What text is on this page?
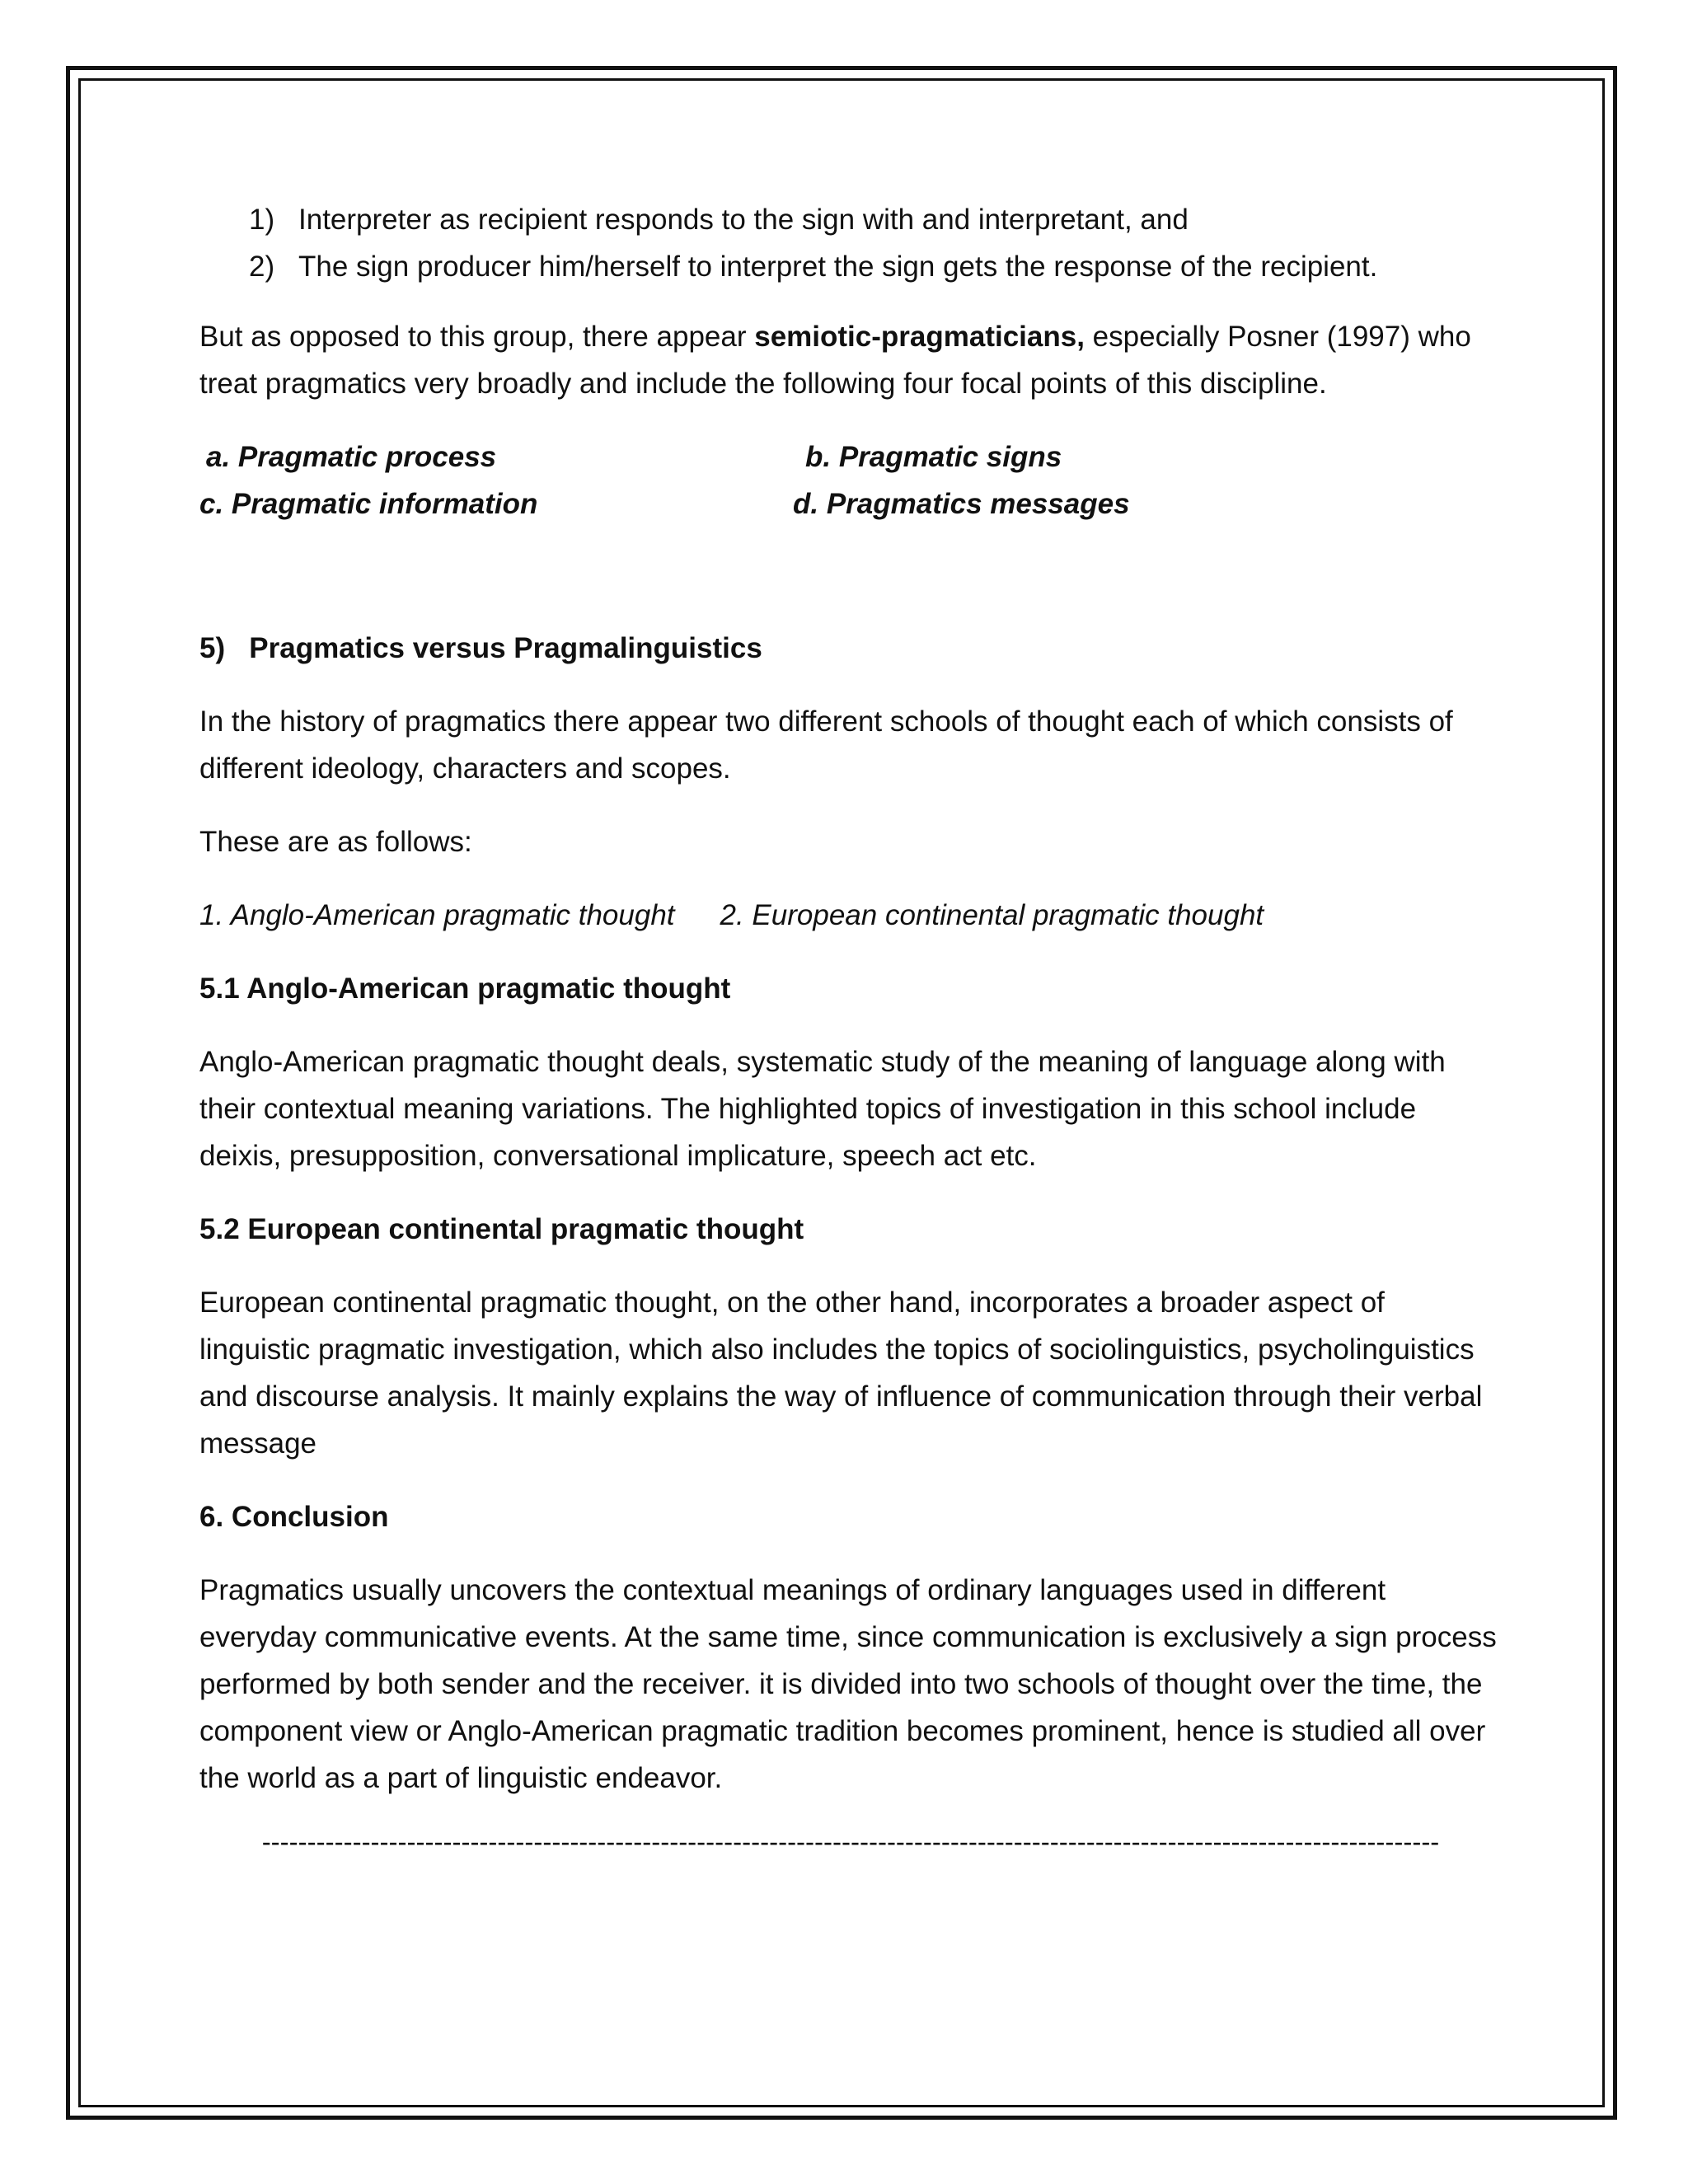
1) Interpreter as recipient responds to the sign with and interpretant, and
2) The sign producer him/herself to interpret the sign gets the response of the recipient.

But as opposed to this group, there appear semiotic-pragmaticians, especially Posner (1997) who treat pragmatics very broadly and include the following four focal points of this discipline.

a. Pragmatic process	b. Pragmatic signs
c. Pragmatic information	d. Pragmatics messages
5)   Pragmatics versus Pragmalinguistics

In the history of pragmatics there appear two different schools of thought each of which consists of different ideology, characters and scopes.

These are as follows:

1. Anglo-American pragmatic thought 2. European continental pragmatic thought

5.1 Anglo-American pragmatic thought

Anglo-American pragmatic thought deals, systematic study of the meaning of language along with their contextual meaning variations. The highlighted topics of investigation in this school include deixis, presupposition, conversational implicature, speech act etc.

5.2 European continental pragmatic thought

European continental pragmatic thought, on the other hand, incorporates a broader aspect of linguistic pragmatic investigation, which also includes the topics of sociolinguistics, psycholinguistics and discourse analysis. It mainly explains the way of influence of communication through their verbal message

6. Conclusion

Pragmatics usually uncovers the contextual meanings of ordinary languages used in different everyday communicative events. At the same time, since communication is exclusively a sign process performed by both sender and the receiver. it is divided into two schools of thought over the time, the component view or Anglo-American pragmatic tradition becomes prominent, hence is studied all over the world as a part of linguistic endeavor.

----------------------------------------------------------------------------------------------------------------------------------
